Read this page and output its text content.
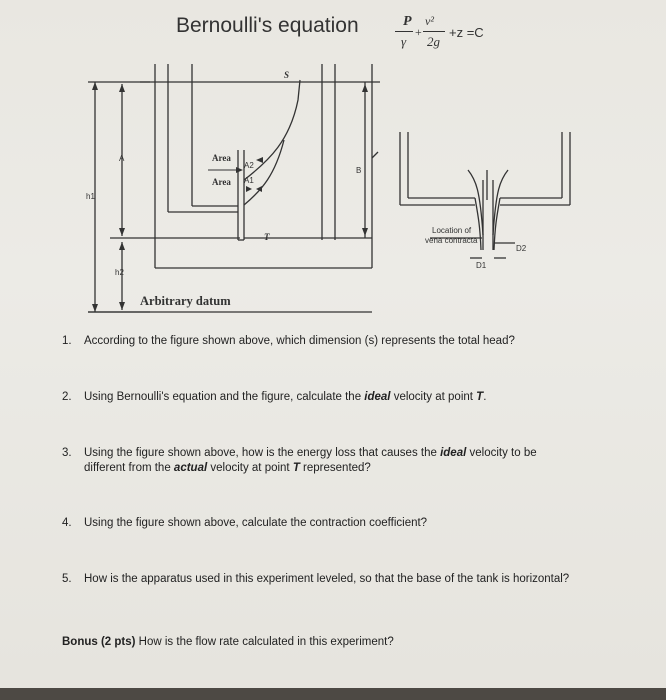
Bernoulli's equation	P v²
+
γ 2g
+z =C
S
A
B
h1
h2
Area
A2
Area A1
T
Arbitrary datum
Location of
vena contracta
D1
D2
1. According to the figure shown above, which dimension (s) represents the total head?
2. Using Bernoulli's equation and the figure, calculate the ideal velocity at point T.
3. Using the figure shown above, how is the energy loss that causes the ideal velocity to be
different from the actual velocity at point T represented?
4. Using the figure shown above, calculate the contraction coefficient?
5. How is the apparatus used in this experiment leveled, so that the base of the tank is horizontal?
Bonus (2 pts) How is the flow rate calculated in this experiment?
